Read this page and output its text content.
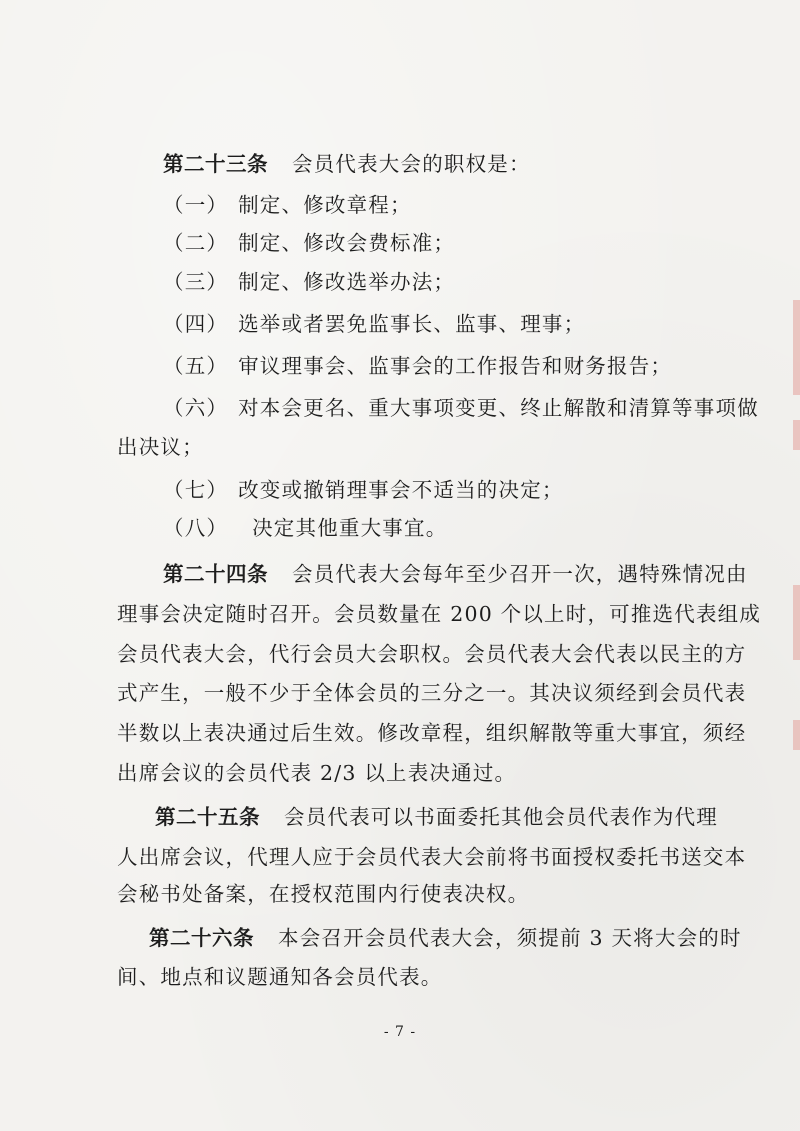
第二十三条 会员代表大会的职权是：
（一） 制定、修改章程；
（二） 制定、修改会费标准；
（三） 制定、修改选举办法；
（四） 选举或者罢免监事长、监事、理事；
（五） 审议理事会、监事会的工作报告和财务报告；
（六） 对本会更名、重大事项变更、终止解散和清算等事项做
出决议；
（七） 改变或撤销理事会不适当的决定；
（八） 决定其他重大事宜。
第二十四条 会员代表大会每年至少召开一次，遇特殊情况由
理事会决定随时召开。会员数量在 200 个以上时，可推选代表组成
会员代表大会，代行会员大会职权。会员代表大会代表以民主的方
式产生，一般不少于全体会员的三分之一。其决议须经到会员代表
半数以上表决通过后生效。修改章程，组织解散等重大事宜，须经
出席会议的会员代表 2/3 以上表决通过。
第二十五条 会员代表可以书面委托其他会员代表作为代理
人出席会议，代理人应于会员代表大会前将书面授权委托书送交本
会秘书处备案，在授权范围内行使表决权。
第二十六条 本会召开会员代表大会，须提前 3 天将大会的时
间、地点和议题通知各会员代表。
- 7 -
